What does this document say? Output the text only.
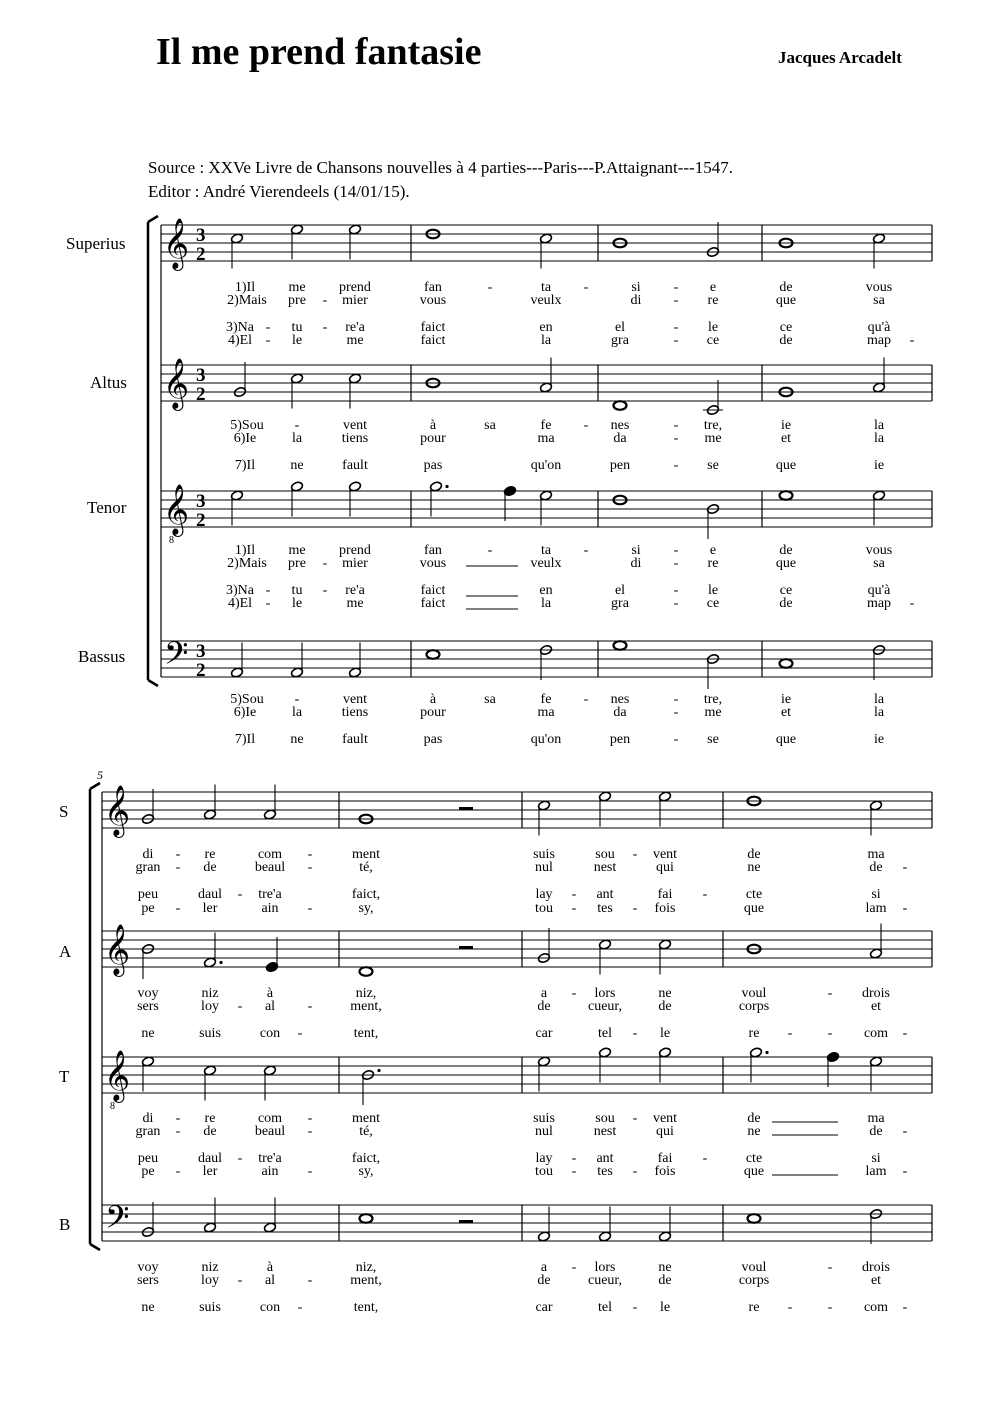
Il me prend fantasie	Jacques Arcadelt
Source : XXVe Livre de Chansons nouvelles à 4 parties---Paris---P.Attaignant---1547.
Editor : André Vierendeels (14/01/15).
Superius
Altus
Tenor
Bassus
S
A
T
B
5
𝄞 3
2
𝄞 3
2
𝄞
8
3
2
𝄢 3
2
𝄞
𝄞
𝄞
8
𝄢
1)Il me prend	fan	-	ta -	si - e	de	vous
2)Mais pre - mier	vous	veulx	di - re	que	sa
3)Na - tu - re'a	faict	en	el	- le	ce	qu'à
4)El - le	me	faict	la	gra	- ce	de	map -
5)Sou -	vent	à	sa	fe - nes	- tre,	ie	la
6)Ie	la	tiens	pour	ma	da	- me	et	la
7)Il	ne	fault	pas	qu'on	pen	- se	que	ie
1)Il me prend	fan	-	ta -	si - e	de	vous
2)Mais pre - mier	vous	veulx	di - re	que	sa
3)Na - tu - re'a	faict	en	el	- le	ce	qu'à
4)El - le	me	faict	la	gra	- ce	de	map -
5)Sou -	vent	à	sa	fe - nes	- tre,	ie	la
6)Ie	la	tiens	pour	ma	da	- me	et	la
7)Il	ne	fault	pas	qu'on	pen	- se	que	ie
di - re	com -	ment	suis	sou - vent	de	ma
gran - de	beaul -	té,	nul	nest	qui	ne	de -
peu	daul - tre'a	faict,	lay - ant	fai -	cte	si
pe - ler	ain -	sy,	tou - tes - fois	que	lam -
voy	niz	à	niz,	a - lors	ne	voul	- drois
sers	loy - al -	ment,	de	cueur,	de	corps	et
ne	suis	con -	tent,	car	tel - le	re -	- com -
di - re	com -	ment	suis	sou - vent	de	ma
gran - de	beaul -	té,	nul	nest	qui	ne	de -
peu	daul - tre'a	faict,	lay - ant	fai -	cte	si
pe - ler	ain -	sy,	tou - tes - fois	que	lam -
voy	niz	à	niz,	a - lors	ne	voul	- drois
sers	loy - al -	ment,	de	cueur,	de	corps	et
ne	suis	con -	tent,	car	tel - le	re -	- com -
